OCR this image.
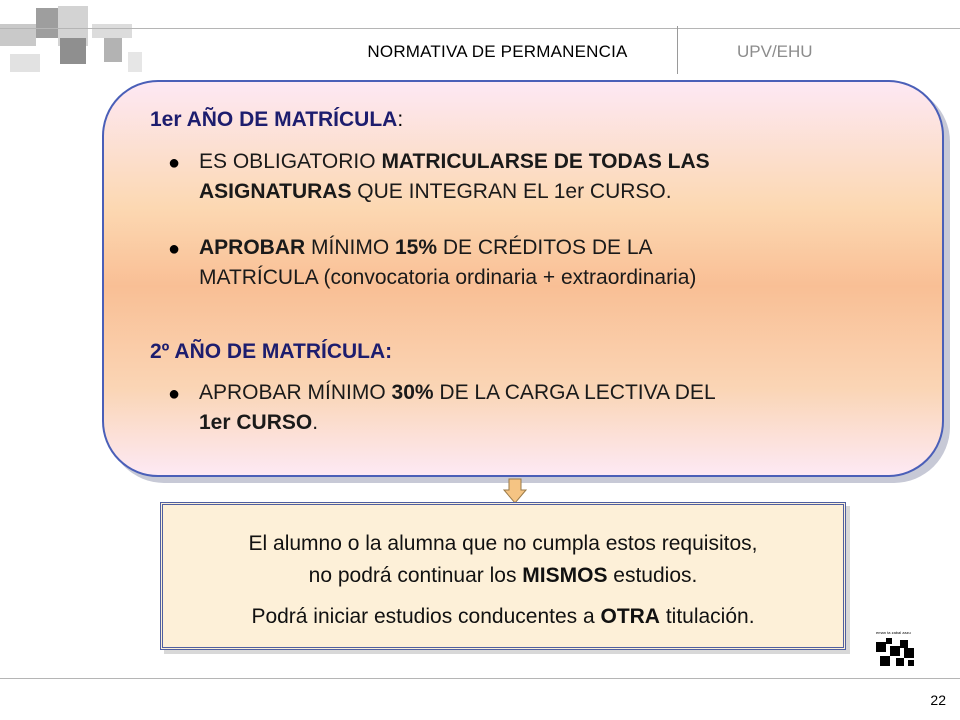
NORMATIVA DE PERMANENCIA	UPV/EHU
1er AÑO DE MATRÍCULA:
● ES OBLIGATORIO MATRICULARSE DE TODAS LAS
ASIGNATURAS QUE INTEGRAN EL 1er CURSO.
● APROBAR MÍNIMO 15% DE CRÉDITOS DE LA
MATRÍCULA (convocatoria ordinaria + extraordinaria)
2º AÑO DE MATRÍCULA:
● APROBAR MÍNIMO 30% DE LA CARGA LECTIVA DEL
1er CURSO.
El alumno o la alumna que no cumpla estos requisitos,
no podrá continuar los MISMOS estudios.
Podrá iniciar estudios conducentes a OTRA titulación.
eman ta zabal zazu
22
